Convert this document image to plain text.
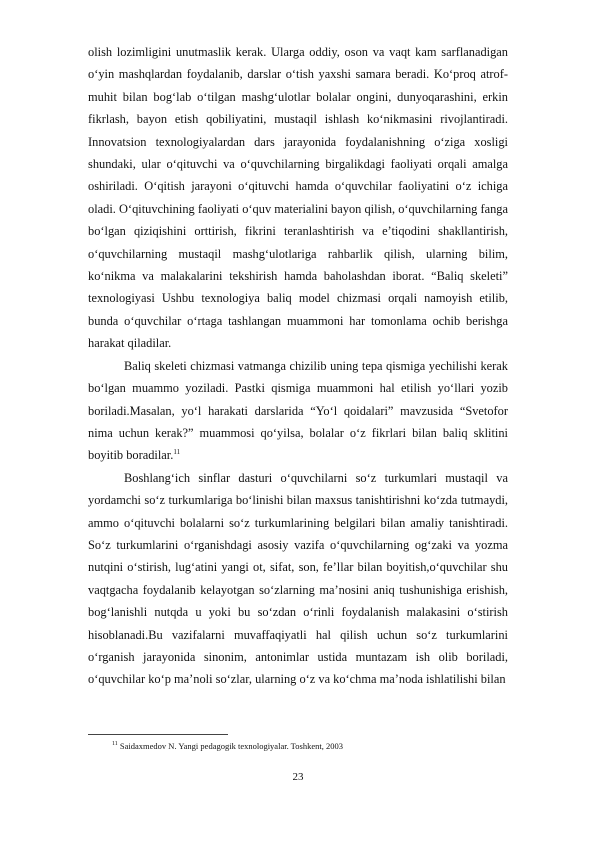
olish lozimligini unutmaslik kerak. Ularga oddiy, oson va vaqt kam sarflanadigan o‘yin mashqlardan foydalanib, darslar o‘tish yaxshi samara beradi. Ko‘proq atrof-muhit bilan bog‘lab o‘tilgan mashg‘ulotlar bolalar ongini, dunyoqarashini, erkin fikrlash, bayon etish qobiliyatini, mustaqil ishlash ko‘nikmasini rivojlantiradi. Innovatsion texnologiyalardan dars jarayonida foydalanishning o‘ziga xosligi shundaki, ular o‘qituvchi va o‘quvchilarning birgalikdagi faoliyati orqali amalga oshiriladi. O‘qitish jarayoni o‘qituvchi hamda o‘quvchilar faoliyatini o‘z ichiga oladi. O‘qituvchining faoliyati o‘quv materialini bayon qilish, o‘quvchilarning fanga bo‘lgan qiziqishini orttirish, fikrini teranlashtirish va e’tiqodini shakllantirish, o‘quvchilarning mustaqil mashg‘ulotlariga rahbarlik qilish, ularning bilim, ko‘nikma va malakalarini tekshirish hamda baholashdan iborat. “Baliq skeleti” texnologiyasi Ushbu texnologiya baliq model chizmasi orqali namoyish etilib, bunda o‘quvchilar o‘rtaga tashlangan muammoni har tomonlama ochib berishga harakat qiladilar.

Baliq skeleti chizmasi vatmanga chizilib uning tepa qismiga yechilishi kerak bo‘lgan muammo yoziladi. Pastki qismiga muammoni hal etilish yo‘llari yozib boriladi.Masalan, yo‘l harakati darslarida “Yo‘l qoidalari” mavzusida “Svetofor nima uchun kerak?” muammosi qo‘yilsa, bolalar o‘z fikrlari bilan baliq sklitini boyitib boradilar.$^{11}$

Boshlang‘ich sinflar dasturi o‘quvchilarni so‘z turkumlari mustaqil va yordamchi so‘z turkumlariga bo‘linishi bilan maxsus tanishtirishni ko‘zda tutmaydi, ammo o‘qituvchi bolalarni so‘z turkumlarining belgilari bilan amaliy tanishtiradi. So‘z turkumlarini o‘rganishdagi asosiy vazifa o‘quvchilarning og‘zaki va yozma nutqini o‘stirish, lug‘atini yangi ot, sifat, son, fe’llar bilan boyitish,o‘quvchilar shu vaqtgacha foydalanib kelayotgan so‘zlarning ma’nosini aniq tushunishiga erishish, bog‘lanishli nutqda u yoki bu so‘zdan o‘rinli foydalanish malakasini o‘stirish hisoblanadi.Bu vazifalarni muvaffaqiyatli hal qilish uchun so‘z turkumlarini o‘rganish jarayonida sinonim, antonimlar ustida muntazam ish olib boriladi, o‘quvchilar ko‘p ma’noli so‘zlar, ularning o‘z va ko‘chma ma’noda ishlatilishi bilan

$^{11}$ Saidaxmedov N. Yangi pedagogik texnologiyalar. Toshkent, 2003
23
